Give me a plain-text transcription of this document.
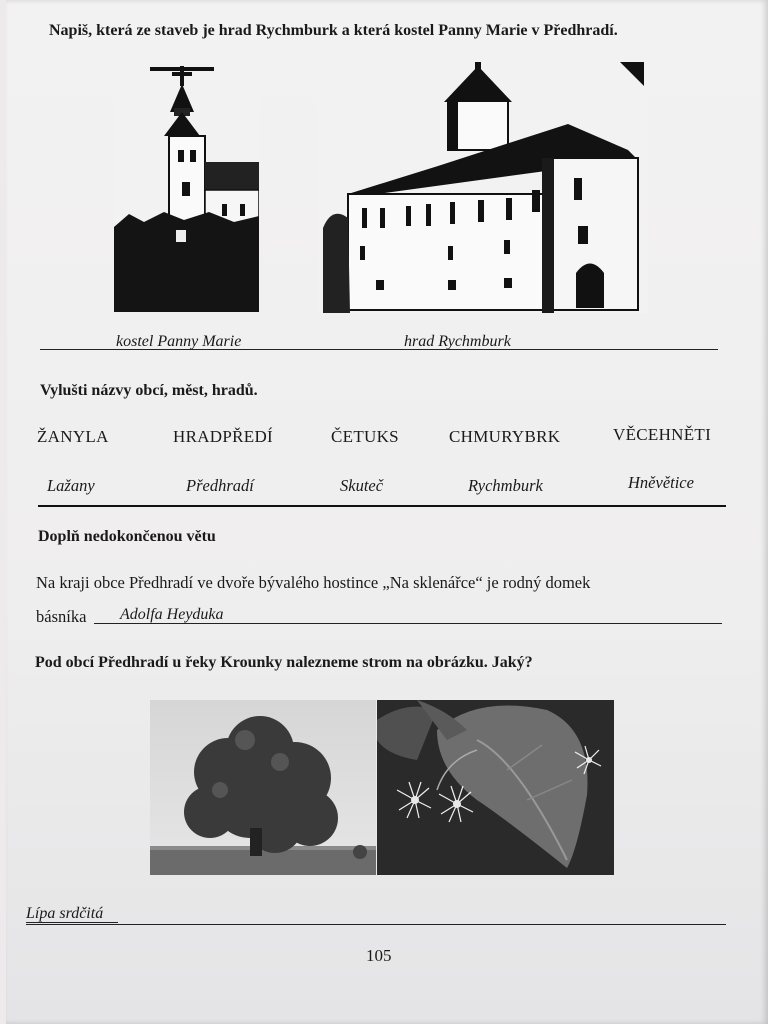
Napiš, která ze staveb je hrad Rychmburk a která kostel Panny Marie v Předhradí.
kostel Panny Marie	hrad Rychmburk
Vylušti názvy obcí, měst, hradů.
ŽANYLA	HRADPŘEDÍ	ČETUKS	CHMURYBRK	VĚCEHNĚTI
Lažany	Předhradí	Skuteč	Rychmburk	Hněvětice
Doplň nedokončenou větu
Na kraji obce Předhradí ve dvoře bývalého hostince „Na sklenářce“ je rodný domek
básníka Adolfa Heyduka
Pod obcí Předhradí u řeky Krounky nalezneme strom na obrázku. Jaký?
Lípa srdčitá
105
